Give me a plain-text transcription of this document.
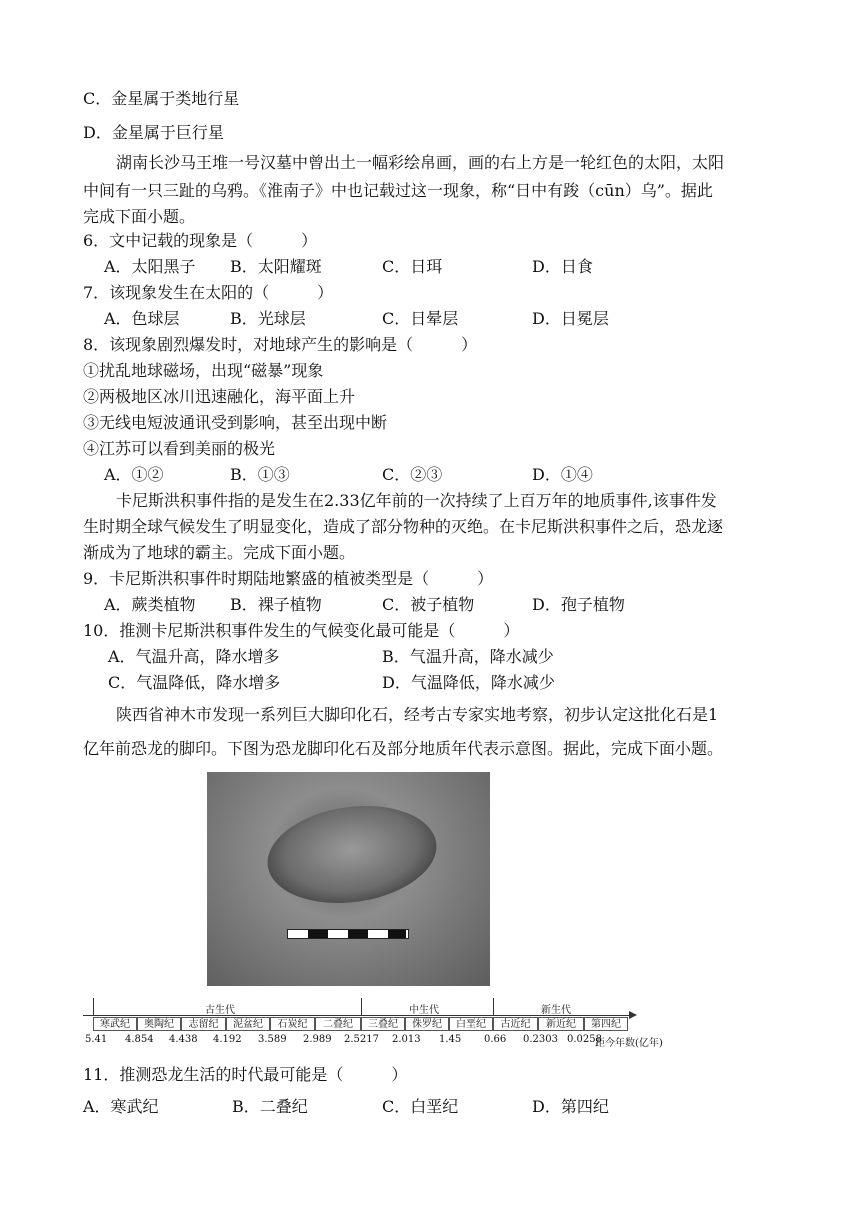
C．金星属于类地行星
D．金星属于巨行星
湖南长沙马王堆一号汉墓中曾出土一幅彩绘帛画，画的右上方是一轮红色的太阳，太阳
中间有一只三趾的乌鸦。《淮南子》中也记载过这一现象，称“日中有踆（cūn）乌”。据此
完成下面小题。
6．文中记载的现象是（　　　）
A．太阳黑子 B．太阳耀斑	C．日珥	D．日食
7．该现象发生在太阳的（　　　）
A．色球层	B．光球层	C．日晕层	D．日冕层
8．该现象剧烈爆发时，对地球产生的影响是（　　　）
①扰乱地球磁场，出现“磁暴”现象
②两极地区冰川迅速融化，海平面上升
③无线电短波通讯受到影响，甚至出现中断
④江苏可以看到美丽的极光
A．①②	B．①③	C．②③	D．①④
卡尼斯洪积事件指的是发生在2.33亿年前的一次持续了上百万年的地质事件,该事件发
生时期全球气候发生了明显变化，造成了部分物种的灭绝。在卡尼斯洪积事件之后，恐龙逐
渐成为了地球的霸主。完成下面小题。
9．卡尼斯洪积事件时期陆地繁盛的植被类型是（　　　）
A．蕨类植物 B．裸子植物	C．被子植物	D．孢子植物
10．推测卡尼斯洪积事件发生的气候变化最可能是（　　　）
A．气温升高，降水增多	B．气温升高，降水减少
C．气温降低，降水增多	D．气温降低，降水减少
陕西省神木市发现一系列巨大脚印化石，经考古专家实地考察，初步认定这批化石是1
亿年前恐龙的脚印。下图为恐龙脚印化石及部分地质年代表示意图。据此，完成下面小题。
古生代	中生代	新生代
寒武纪	奥陶纪	志留纪	泥盆纪	石炭纪	二叠纪	三叠纪	侏罗纪	白垩纪	古近纪	新近纪	第四纪
5.41 4.854 4.438 4.192 3.589 2.989 2.5217 2.013 1.45 0.66 0.2303 0.0258
距今年数(亿年)
11．推测恐龙生活的时代最可能是（　　　）
A．寒武纪	B．二叠纪	C．白垩纪	D．第四纪
